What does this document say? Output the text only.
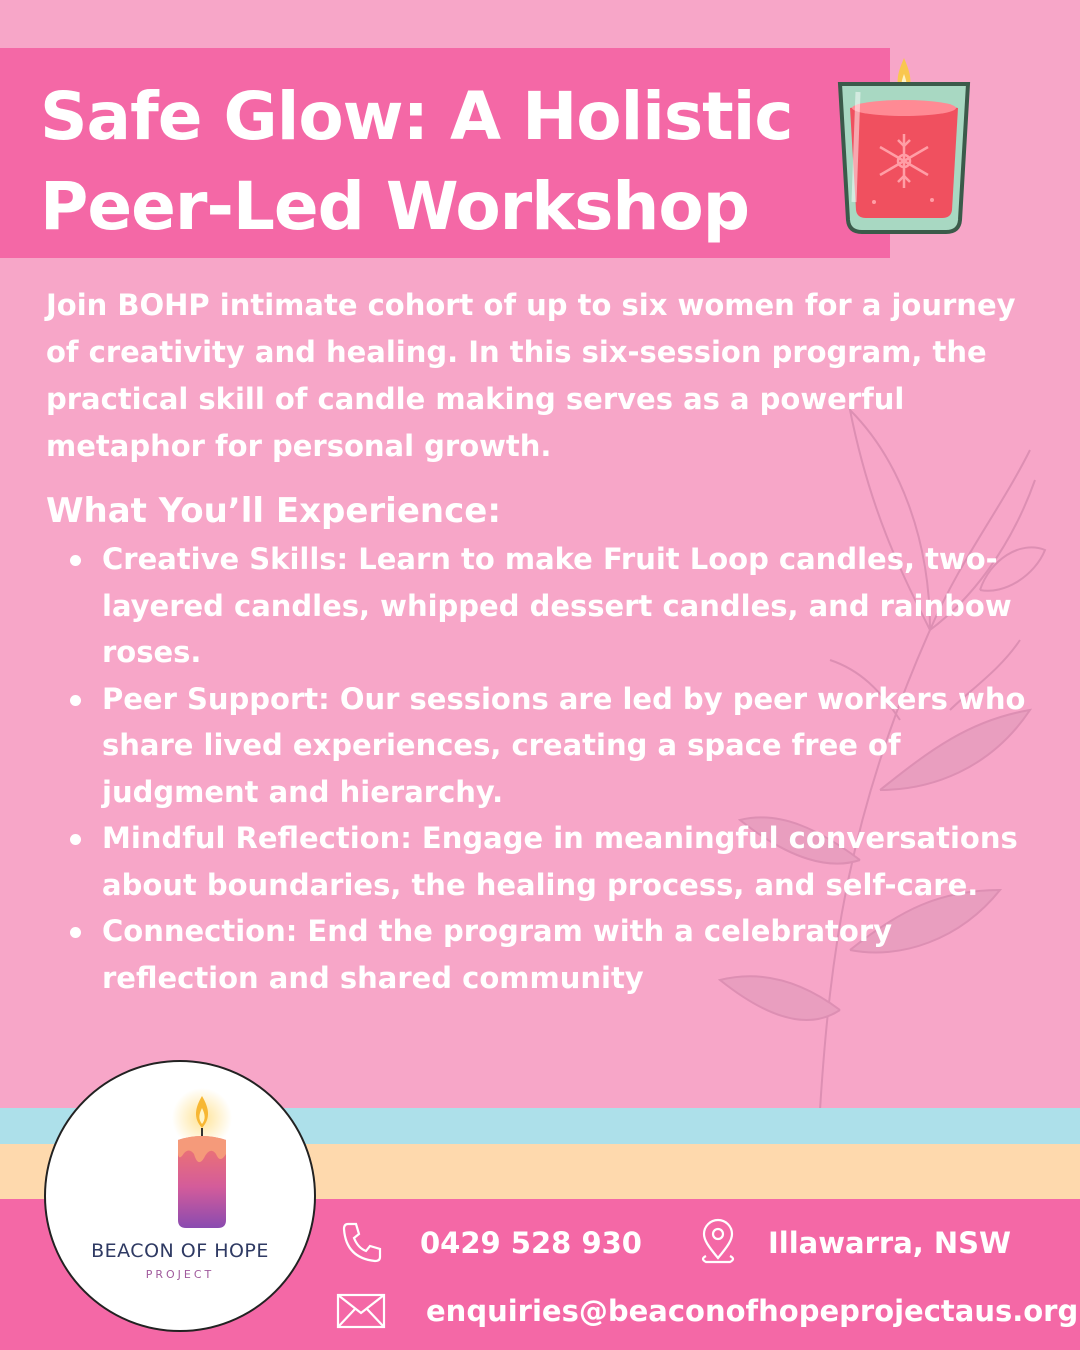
Safe Glow: A Holistic Peer-Led Workshop

Join BOHP intimate cohort of up to six women for a journey of creativity and healing. In this six-session program, the practical skill of candle making serves as a powerful metaphor for personal growth.

What You’ll Experience:
Creative Skills: Learn to make Fruit Loop candles, two-layered candles, whipped dessert candles, and rainbow roses.
Peer Support: Our sessions are led by peer workers who share lived experiences, creating a space free of judgment and hierarchy.
Mindful Reflection: Engage in meaningful conversations about boundaries, the healing process, and self-care.
Connection: End the program with a celebratory reflection and shared community
BEACON OF HOPE
PROJECT
0429 528 930	Illawarra, NSW
enquiries@beaconofhopeprojectaus.org
